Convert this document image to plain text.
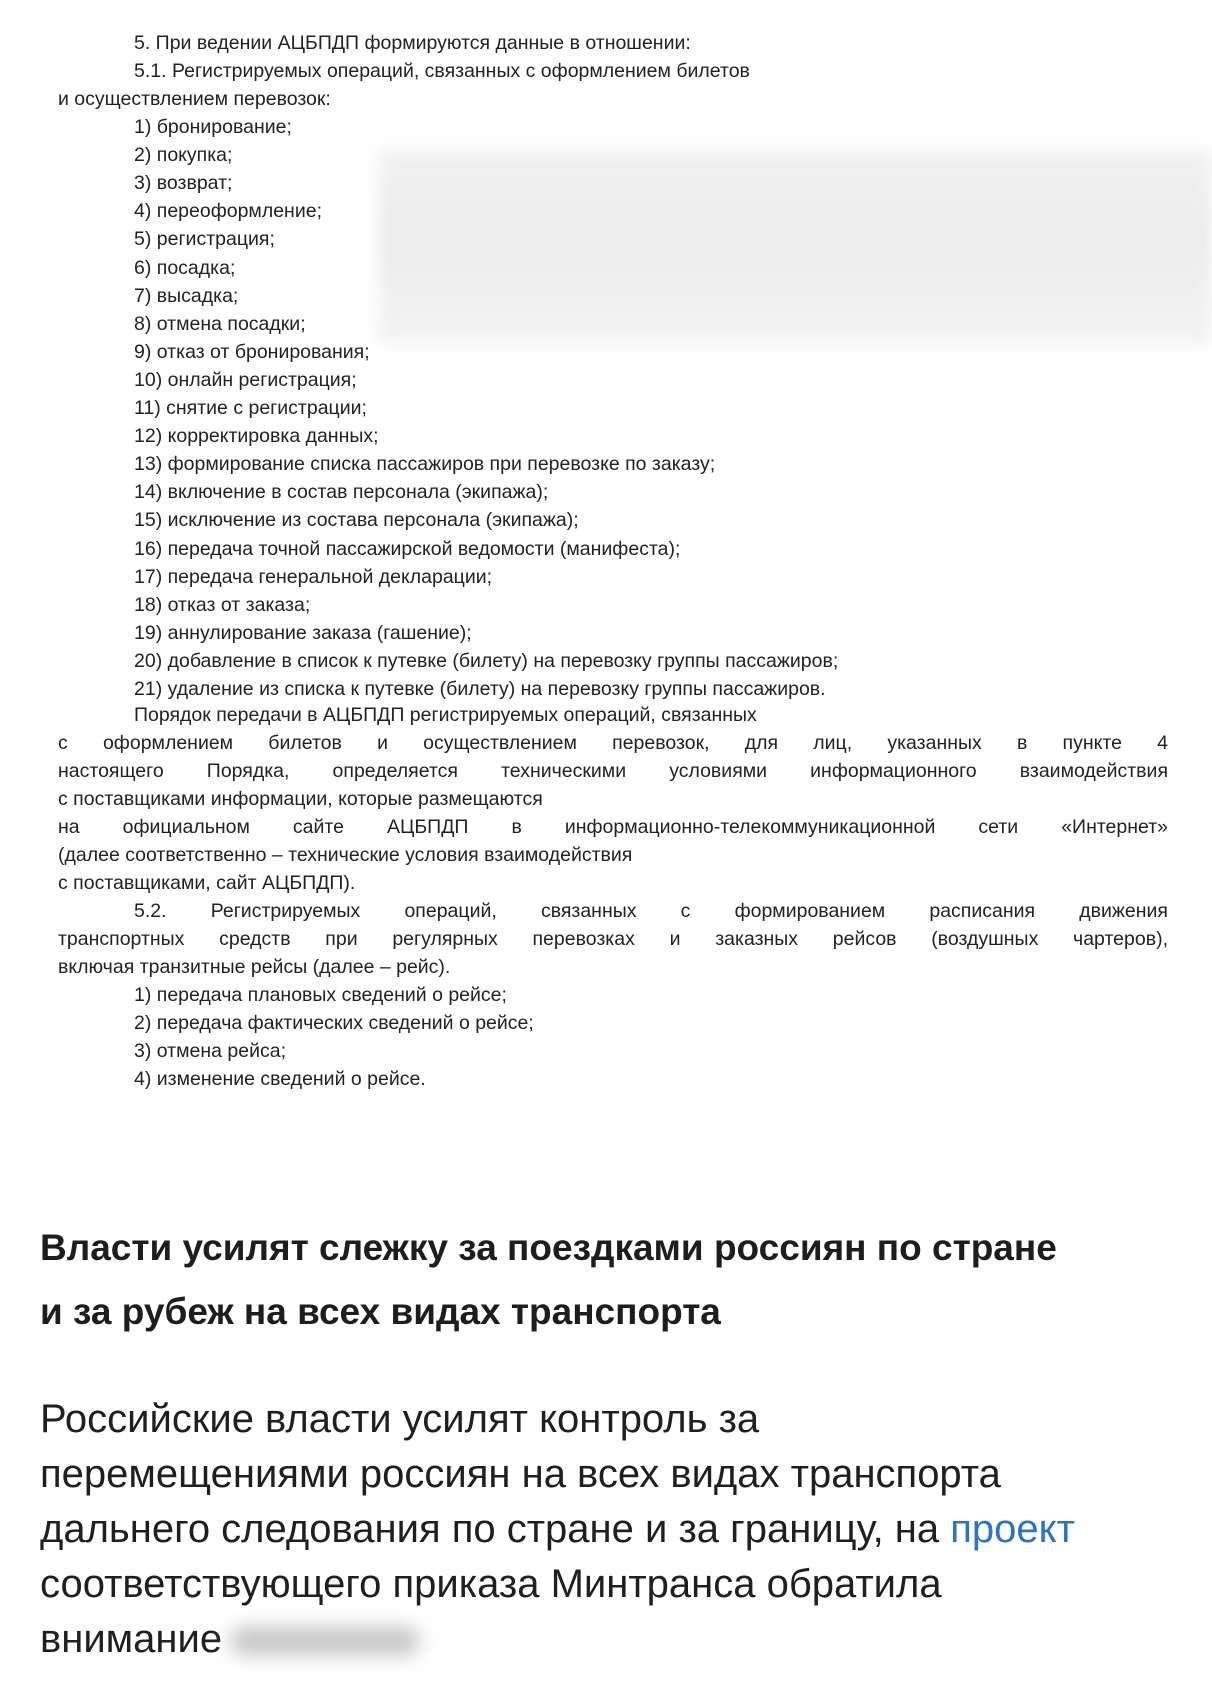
5. При ведении АЦБПДП формируются данные в отношении:
5.1. Регистрируемых операций, связанных с оформлением билетов
и осуществлением перевозок:
1) бронирование;
2) покупка;
3) возврат;
4) переоформление;
5) регистрация;
6) посадка;
7) высадка;
8) отмена посадки;
9) отказ от бронирования;
10) онлайн регистрация;
11) снятие с регистрации;
12) корректировка данных;
13) формирование списка пассажиров при перевозке по заказу;
14) включение в состав персонала (экипажа);
15) исключение из состава персонала (экипажа);
16) передача точной пассажирской ведомости (манифеста);
17) передача генеральной декларации;
18) отказ от заказа;
19) аннулирование заказа (гашение);
20) добавление в список к путевке (билету) на перевозку группы пассажиров;
21) удаление из списка к путевке (билету) на перевозку группы пассажиров.
Порядок передачи в АЦБПДП регистрируемых операций, связанных
с оформлением билетов и осуществлением перевозок, для лиц, указанных в пункте 4
настоящего Порядка, определяется техническими условиями информационного взаимодействия
с поставщиками информации, которые размещаются
на официальном сайте АЦБПДП в информационно-телекоммуникационной сети «Интернет»
(далее соответственно – технические условия взаимодействия
с поставщиками, сайт АЦБПДП).
5.2. Регистрируемых операций, связанных с формированием расписания движения
транспортных средств при регулярных перевозках и заказных рейсов (воздушных чартеров),
включая транзитные рейсы (далее – рейс).
1) передача плановых сведений о рейсе;
2) передача фактических сведений о рейсе;
3) отмена рейса;
4) изменение сведений о рейсе.
Власти усилят слежку за поездками россиян по стране
и за рубеж на всех видах транспорта
Российские власти усилят контроль за
перемещениями россиян на всех видах транспорта
дальнего следования по стране и за границу, на проект
соответствующего приказа Минтранса обратила
внимание
